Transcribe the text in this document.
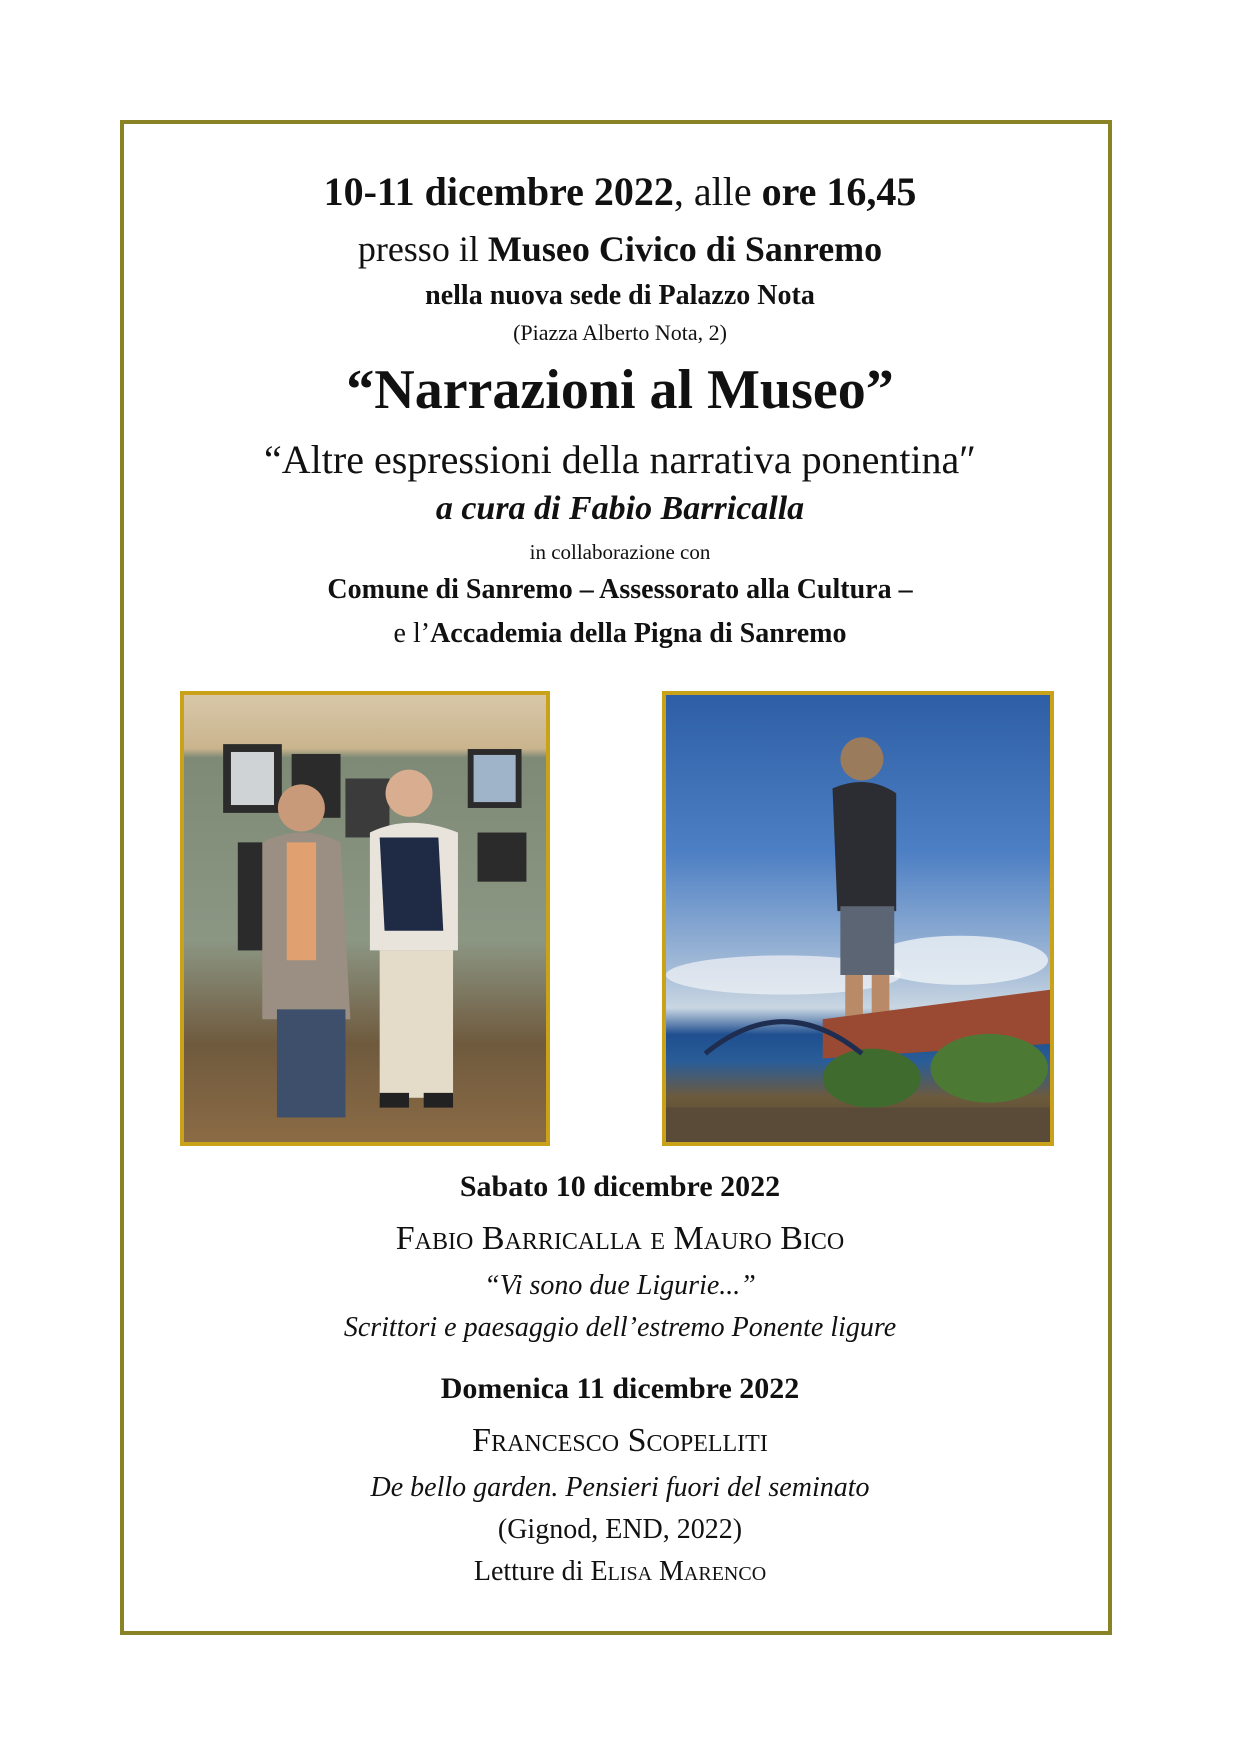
10-11 dicembre 2022, alle ore 16,45
presso il Museo Civico di Sanremo
nella nuova sede di Palazzo Nota
(Piazza Alberto Nota, 2)
“Narrazioni al Museo”
“Altre espressioni della narrativa ponentina″
a cura di Fabio Barricalla
in collaborazione con
Comune di Sanremo – Assessorato alla Cultura –
e l’Accademia della Pigna di Sanremo
Sabato 10 dicembre 2022
Fabio Barricalla e Mauro Bico
“Vi sono due Ligurie...”
Scrittori e paesaggio dell’estremo Ponente ligure
Domenica 11 dicembre 2022
Francesco Scopelliti
De bello garden. Pensieri fuori del seminato
(Gignod, END, 2022)
Letture di Elisa Marenco
